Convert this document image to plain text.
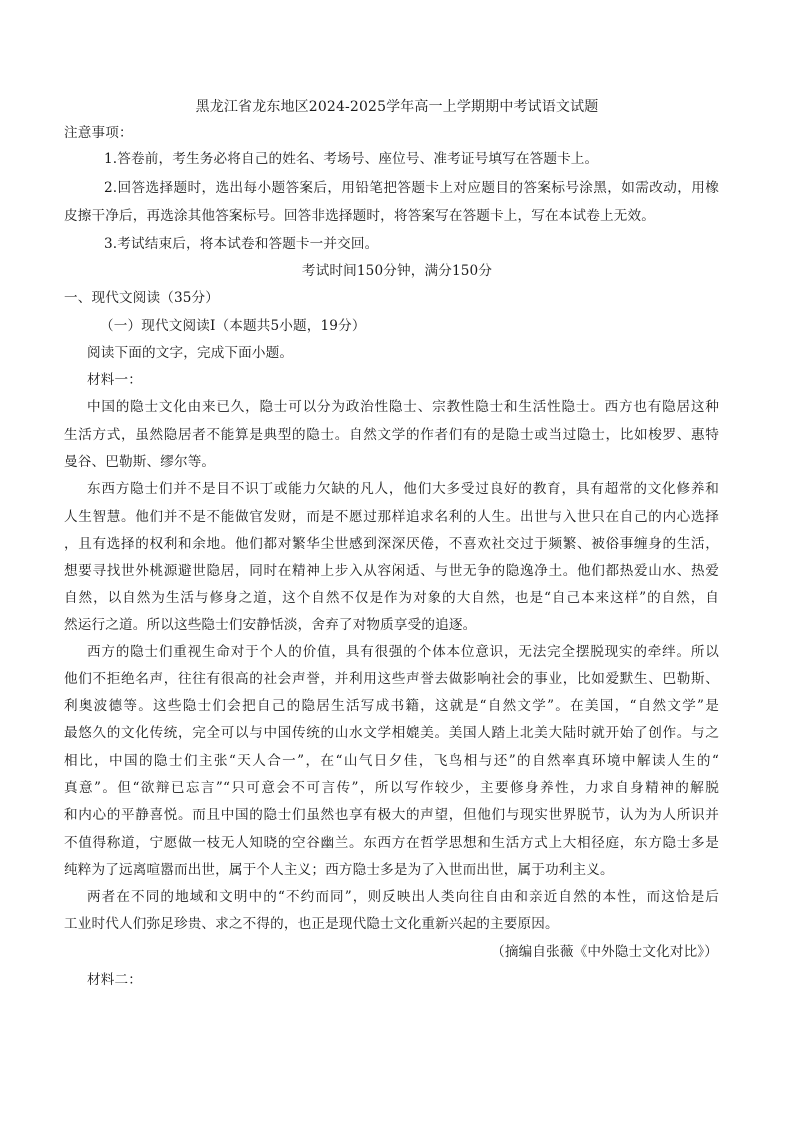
黑龙江省龙东地区2024-2025学年高一上学期期中考试语文试题
注意事项：
1.答卷前，考生务必将自己的姓名、考场号、座位号、准考证号填写在答题卡上。
2.回答选择题时，选出每小题答案后，用铅笔把答题卡上对应题目的答案标号涂黑，如需改动，用橡
皮擦干净后，再选涂其他答案标号。回答非选择题时，将答案写在答题卡上，写在本试卷上无效。
3.考试结束后，将本试卷和答题卡一并交回。
考试时间150分钟，满分150分
一、现代文阅读（35分）
（一）现代文阅读I（本题共5小题，19分）
阅读下面的文字，完成下面小题。
材料一：
中国的隐士文化由来已久，隐士可以分为政治性隐士、宗教性隐士和生活性隐士。西方也有隐居这种
生活方式，虽然隐居者不能算是典型的隐士。自然文学的作者们有的是隐士或当过隐士，比如梭罗、惠特
曼谷、巴勒斯、缪尔等。
东西方隐士们并不是目不识丁或能力欠缺的凡人，他们大多受过良好的教育，具有超常的文化修养和
人生智慧。他们并不是不能做官发财，而是不愿过那样追求名利的人生。出世与入世只在自己的内心选择
，且有选择的权利和余地。他们都对繁华尘世感到深深厌倦，不喜欢社交过于频繁、被俗事缠身的生活，
想要寻找世外桃源避世隐居，同时在精神上步入从容闲适、与世无争的隐逸净土。他们都热爱山水、热爱
自然，以自然为生活与修身之道，这个自然不仅是作为对象的大自然，也是“自己本来这样”的自然，自
然运行之道。所以这些隐士们安静恬淡，舍弃了对物质享受的追逐。
西方的隐士们重视生命对于个人的价值，具有很强的个体本位意识，无法完全摆脱现实的牵绊。所以
他们不拒绝名声，往往有很高的社会声誉，并利用这些声誉去做影响社会的事业，比如爱默生、巴勒斯、
利奥波德等。这些隐士们会把自己的隐居生活写成书籍，这就是“自然文学”。在美国，“自然文学”是
最悠久的文化传统，完全可以与中国传统的山水文学相媲美。美国人踏上北美大陆时就开始了创作。与之
相比，中国的隐士们主张“天人合一”，在“山气日夕佳，飞鸟相与还”的自然率真环境中解读人生的“
真意”。但“欲辩已忘言”“只可意会不可言传”，所以写作较少，主要修身养性，力求自身精神的解脱
和内心的平静喜悦。而且中国的隐士们虽然也享有极大的声望，但他们与现实世界脱节，认为为人所识并
不值得称道，宁愿做一枝无人知晓的空谷幽兰。东西方在哲学思想和生活方式上大相径庭，东方隐士多是
纯粹为了远离喧嚣而出世，属于个人主义；西方隐士多是为了入世而出世，属于功利主义。
两者在不同的地域和文明中的“不约而同”，则反映出人类向往自由和亲近自然的本性，而这恰是后
工业时代人们弥足珍贵、求之不得的，也正是现代隐士文化重新兴起的主要原因。
（摘编自张薇《中外隐士文化对比》）
材料二：
